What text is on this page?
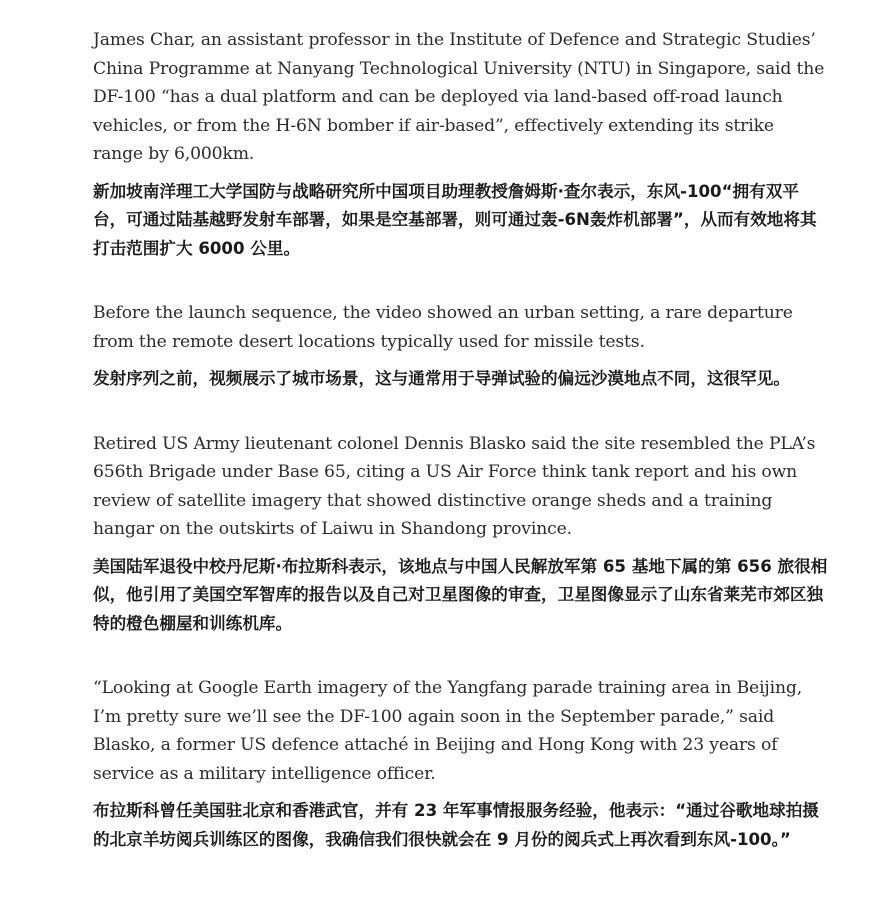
James Char, an assistant professor in the Institute of Defence and Strategic Studies’ China Programme at Nanyang Technological University (NTU) in Singapore, said the DF-100 “has a dual platform and can be deployed via land-based off-road launch vehicles, or from the H-6N bomber if air-based”, effectively extending its strike range by 6,000km.

新加坡南洋理工大学国防与战略研究所中国项目助理教授詹姆斯·查尔表示，东风-100“拥有双平台，可通过陆基越野发射车部署，如果是空基部署，则可通过轰-6N轰炸机部署”，从而有效地将其打击范围扩大 6000 公里。

Before the launch sequence, the video showed an urban setting, a rare departure from the remote desert locations typically used for missile tests.

发射序列之前，视频展示了城市场景，这与通常用于导弹试验的偏远沙漠地点不同，这很罕见。

Retired US Army lieutenant colonel Dennis Blasko said the site resembled the PLA’s 656th Brigade under Base 65, citing a US Air Force think tank report and his own review of satellite imagery that showed distinctive orange sheds and a training hangar on the outskirts of Laiwu in Shandong province.

美国陆军退役中校丹尼斯·布拉斯科表示，该地点与中国人民解放军第 65 基地下属的第 656 旅很相似，他引用了美国空军智库的报告以及自己对卫星图像的审查，卫星图像显示了山东省莱芜市郊区独特的橙色棚屋和训练机库。

“Looking at Google Earth imagery of the Yangfang parade training area in Beijing, I’m pretty sure we’ll see the DF-100 again soon in the September parade,” said Blasko, a former US defence attaché in Beijing and Hong Kong with 23 years of service as a military intelligence officer.

布拉斯科曾任美国驻北京和香港武官，并有 23 年军事情报服务经验，他表示：“通过谷歌地球拍摄的北京羊坊阅兵训练区的图像，我确信我们很快就会在 9 月份的阅兵式上再次看到东风-100。”
